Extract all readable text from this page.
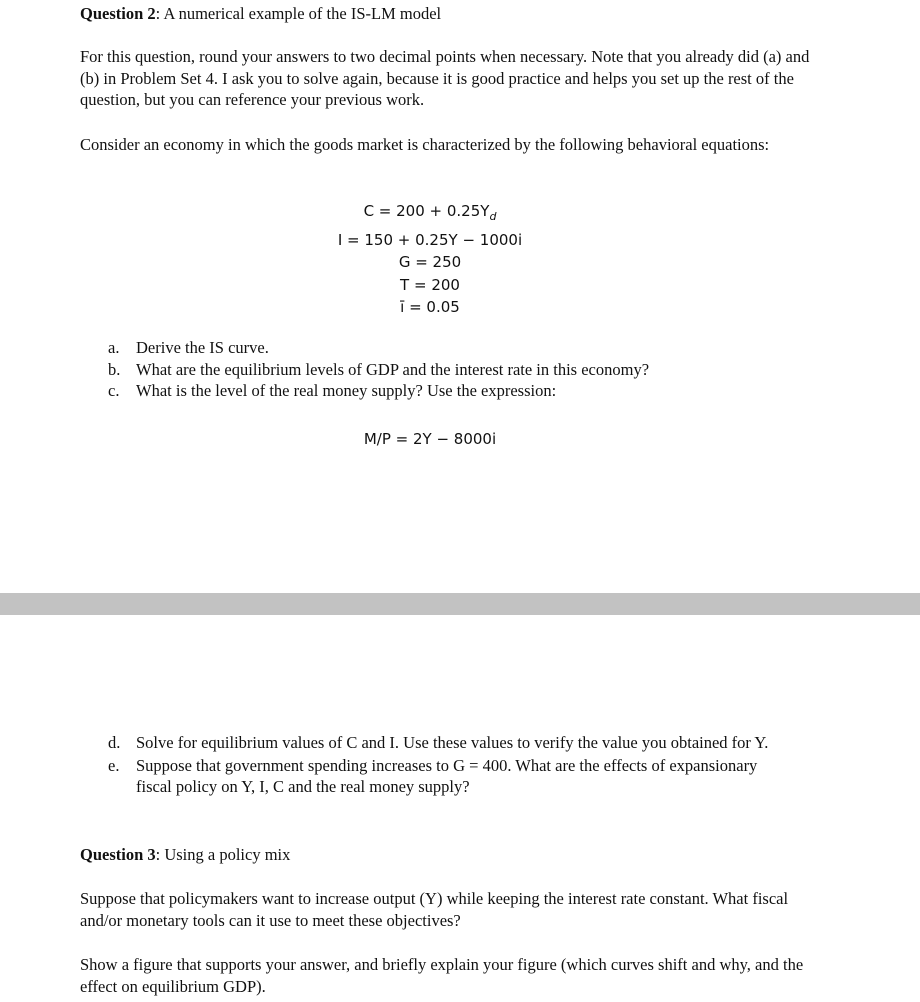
Question 2: A numerical example of the IS-LM model
For this question, round your answers to two decimal points when necessary. Note that you already did (a) and (b) in Problem Set 4. I ask you to solve again, because it is good practice and helps you set up the rest of the question, but you can reference your previous work.
Consider an economy in which the goods market is characterized by the following behavioral equations:
$C = 200 + 0.25Y_d$
I = 150 + 0.25Y − 1000i
G = 250
T = 200
ī = 0.05
a. Derive the IS curve.
b. What are the equilibrium levels of GDP and the interest rate in this economy?
c. What is the level of the real money supply? Use the expression:
M/P = 2Y − 8000i
d. Solve for equilibrium values of C and I. Use these values to verify the value you obtained for Y.
e. Suppose that government spending increases to G = 400. What are the effects of expansionary fiscal policy on Y, I, C and the real money supply?
Question 3: Using a policy mix
Suppose that policymakers want to increase output (Y) while keeping the interest rate constant. What fiscal and/or monetary tools can it use to meet these objectives?
Show a figure that supports your answer, and briefly explain your figure (which curves shift and why, and the effect on equilibrium GDP).
